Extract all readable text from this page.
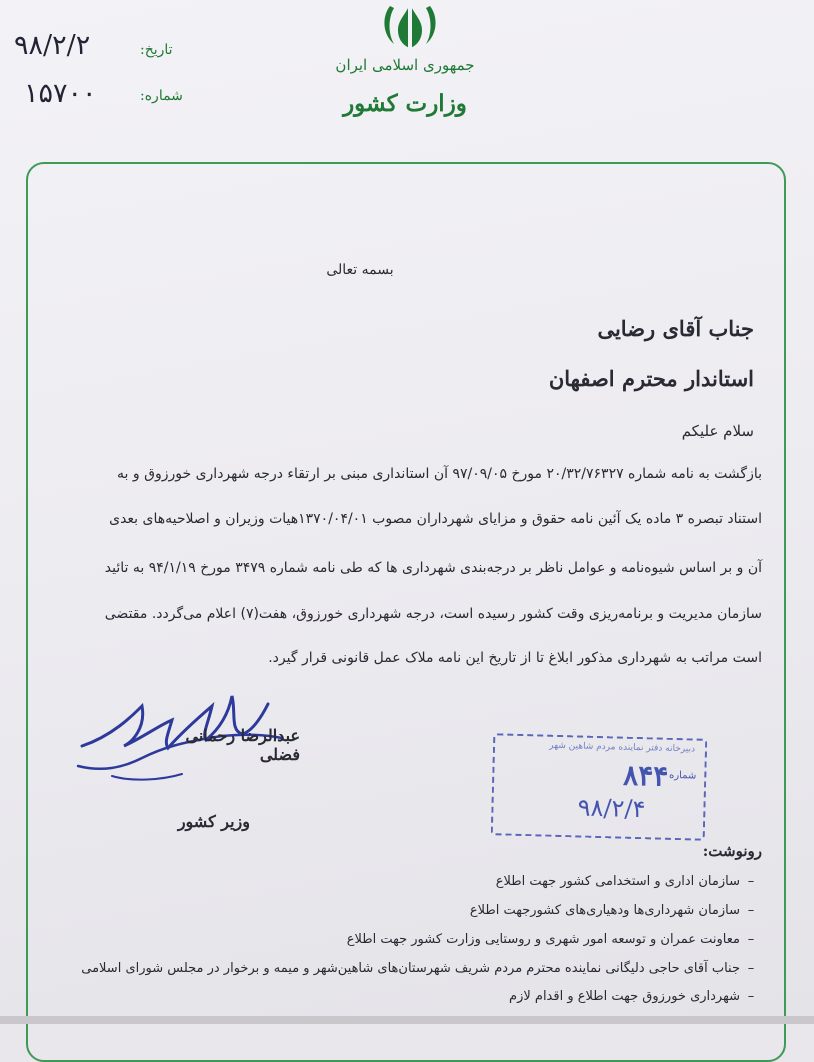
جمهوری اسلامی ایران
وزارت کشور
تاریخ:
۹۸/۲/۲
شماره:
۱۵۷۰۰
بسمه تعالی
جناب آقای رضایی
استاندار محترم اصفهان
سلام علیکم
بازگشت به نامه شماره ۲۰/۳۲/۷۶۳۲۷ مورخ ۹۷/۰۹/۰۵ آن استانداری مبنی بر ارتقاء درجه شهرداری خورزوق و به
استناد تبصره ۳ ماده یک آئین نامه حقوق و مزایای شهرداران مصوب ۱۳۷۰/۰۴/۰۱هیات وزیران و اصلاحیه‌های بعدی
آن و بر اساس شیوه‌نامه و عوامل ناظر بر درجه‌بندی شهرداری ها که طی نامه شماره ۳۴۷۹ مورخ ۹۴/۱/۱۹ به تائید
سازمان مدیریت و برنامه‌ریزی وقت کشور رسیده است، درجه شهرداری خورزوق، هفت(۷) اعلام می‌گردد. مقتضی
است مراتب به شهرداری مذکور ابلاغ تا از تاریخ این نامه ملاک عمل قانونی قرار گیرد.
عبدالرضا رحمانی فضلی
وزیر کشور
دبیرخانه دفتر نماینده مردم شاهین شهر
شماره
۸۴۴
۹۸/۲/۴
رونوشت:
–سازمان اداری و استخدامی کشور جهت اطلاع
–سازمان شهرداری‌ها ودهیاری‌های کشورجهت اطلاع
–معاونت عمران و توسعه امور شهری و روستایی وزارت کشور جهت اطلاع
–جناب آقای حاجی دلیگانی نماینده محترم مردم شریف شهرستان‌های شاهین‌شهر و میمه و برخوار در مجلس شورای اسلامی
–شهرداری خورزوق جهت اطلاع و اقدام لازم
